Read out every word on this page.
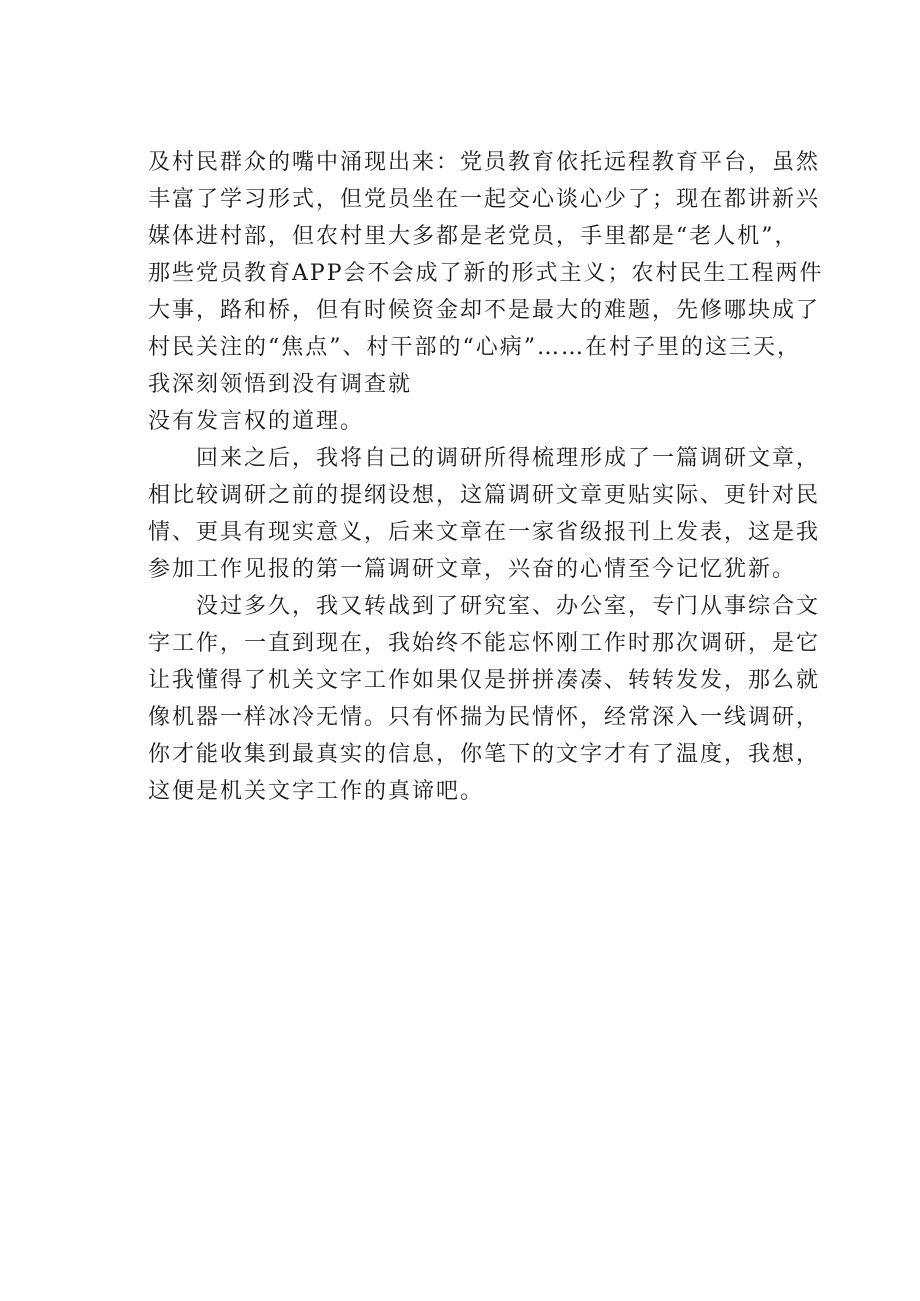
及村民群众的嘴中涌现出来：党员教育依托远程教育平台，虽然
丰富了学习形式，但党员坐在一起交心谈心少了；现在都讲新兴
媒体进村部，但农村里大多都是老党员，手里都是“老人机”，
那些党员教育APP会不会成了新的形式主义；农村民生工程两件
大事，路和桥，但有时候资金却不是最大的难题，先修哪块成了
村民关注的“焦点”、村干部的“心病”……在村子里的这三天，
我深刻领悟到没有调查就
没有发言权的道理。
回来之后，我将自己的调研所得梳理形成了一篇调研文章，
相比较调研之前的提纲设想，这篇调研文章更贴实际、更针对民
情、更具有现实意义，后来文章在一家省级报刊上发表，这是我
参加工作见报的第一篇调研文章，兴奋的心情至今记忆犹新。
没过多久，我又转战到了研究室、办公室，专门从事综合文
字工作，一直到现在，我始终不能忘怀刚工作时那次调研，是它
让我懂得了机关文字工作如果仅是拼拼凑凑、转转发发，那么就
像机器一样冰冷无情。只有怀揣为民情怀，经常深入一线调研，
你才能收集到最真实的信息，你笔下的文字才有了温度，我想，
这便是机关文字工作的真谛吧。
